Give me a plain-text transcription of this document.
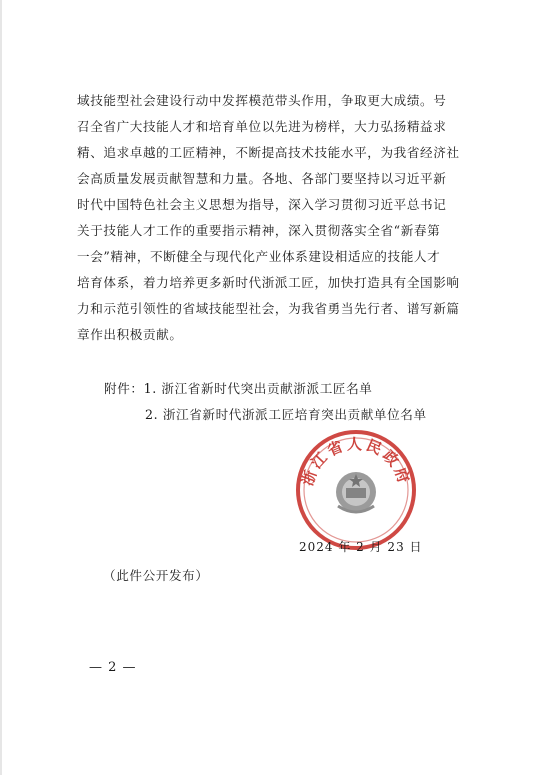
域技能型社会建设行动中发挥模范带头作用，争取更大成绩。号
召全省广大技能人才和培育单位以先进为榜样，大力弘扬精益求
精、追求卓越的工匠精神，不断提高技术技能水平，为我省经济社
会高质量发展贡献智慧和力量。各地、各部门要坚持以习近平新
时代中国特色社会主义思想为指导，深入学习贯彻习近平总书记
关于技能人才工作的重要指示精神，深入贯彻落实全省“新春第
一会”精神，不断健全与现代化产业体系建设相适应的技能人才
培育体系，着力培养更多新时代浙派工匠，加快打造具有全国影响
力和示范引领性的省域技能型社会，为我省勇当先行者、谱写新篇
章作出积极贡献。
附件：1. 浙江省新时代突出贡献浙派工匠名单
2. 浙江省新时代浙派工匠培育突出贡献单位名单
浙江省人民政府
2024 年 2 月 23 日
（此件公开发布）
— 2 —
